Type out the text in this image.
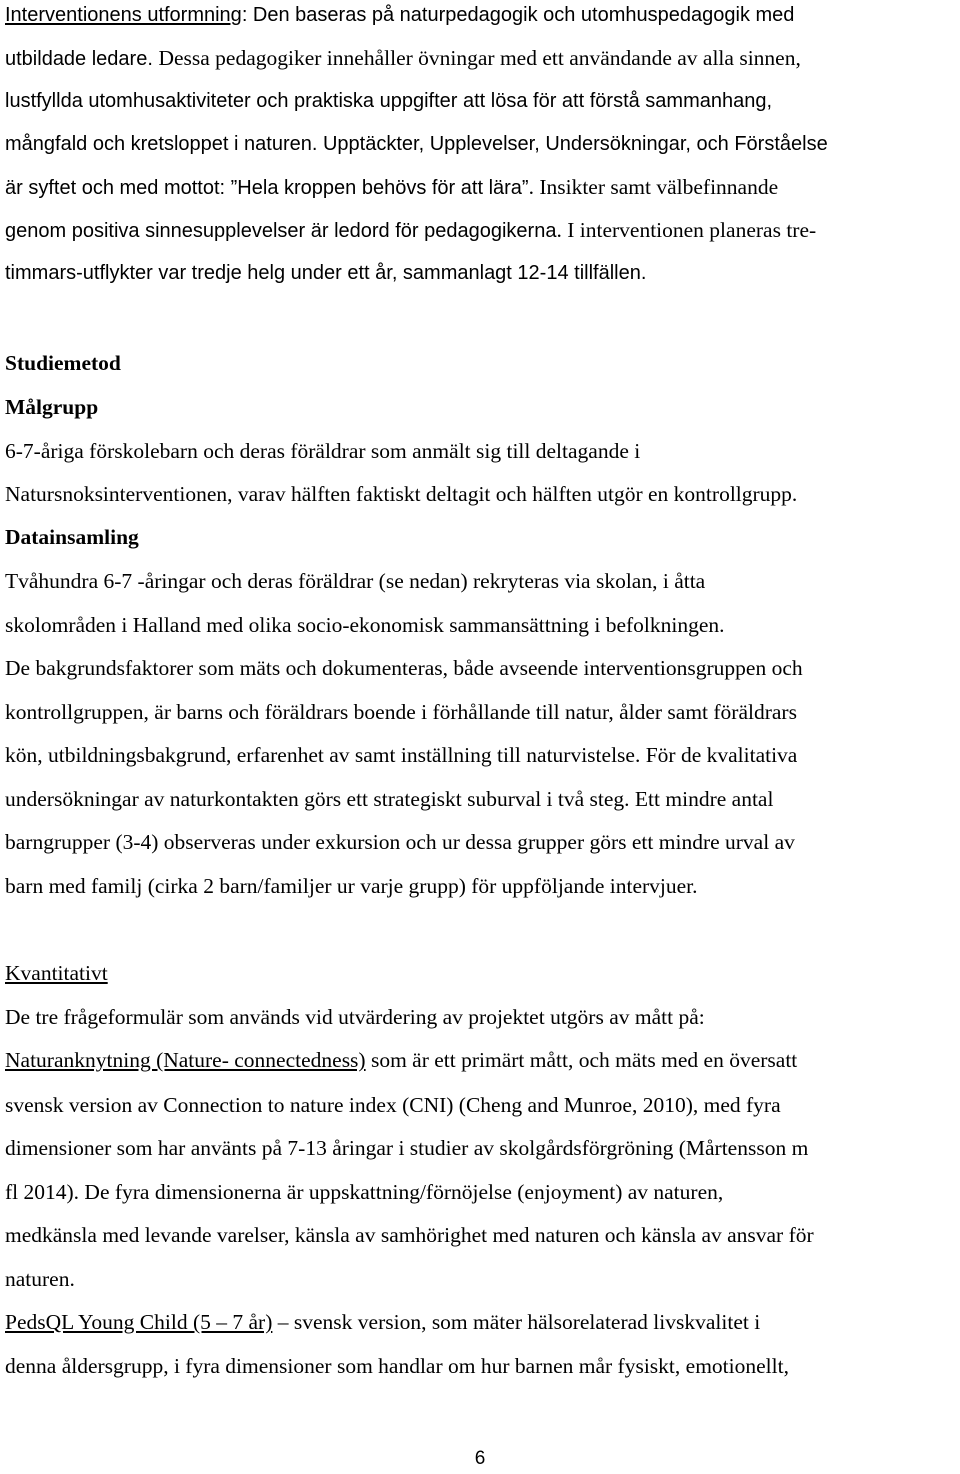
Interventionens utformning: Den baseras på naturpedagogik och utomhuspedagogik med
utbildade ledare. Dessa pedagogiker innehåller övningar med ett användande av alla sinnen,
lustfyllda utomhusaktiviteter och praktiska uppgifter att lösa för att förstå sammanhang,
mångfald och kretsloppet i naturen. Upptäckter, Upplevelser, Undersökningar, och Förståelse
är syftet och med mottot: ”Hela kroppen behövs för att lära”. Insikter samt välbefinnande
genom positiva sinnesupplevelser är ledord för pedagogikerna. I interventionen planeras tre-
timmars-utflykter var tredje helg under ett år, sammanlagt 12-14 tillfällen.
Studiemetod
Målgrupp
6-7-åriga förskolebarn och deras föräldrar som anmält sig till deltagande i
Natursnoksinterventionen, varav hälften faktiskt deltagit och hälften utgör en kontrollgrupp.
Datainsamling
Tvåhundra 6-7 -åringar och deras föräldrar (se nedan) rekryteras via skolan, i åtta
skolområden i Halland med olika socio-ekonomisk sammansättning i befolkningen.
De bakgrundsfaktorer som mäts och dokumenteras, både avseende interventionsgruppen och
kontrollgruppen, är barns och föräldrars boende i förhållande till natur, ålder samt föräldrars
kön, utbildningsbakgrund, erfarenhet av samt inställning till naturvistelse. För de kvalitativa
undersökningar av naturkontakten görs ett strategiskt suburval i två steg. Ett mindre antal
barngrupper (3-4) observeras under exkursion och ur dessa grupper görs ett mindre urval av
barn med familj (cirka 2 barn/familjer ur varje grupp) för uppföljande intervjuer.
Kvantitativt
De tre frågeformulär som används vid utvärdering av projektet utgörs av mått på:
Naturanknytning (Nature- connectedness) som är ett primärt mått, och mäts med en översatt
svensk version av Connection to nature index (CNI) (Cheng and Munroe, 2010), med fyra
dimensioner som har använts på 7-13 åringar i studier av skolgårdsförgröning (Mårtensson m
fl 2014). De fyra dimensionerna är uppskattning/förnöjelse (enjoyment) av naturen,
medkänsla med levande varelser, känsla av samhörighet med naturen och känsla av ansvar för
naturen.
PedsQL Young Child (5 – 7 år) – svensk version, som mäter hälsorelaterad livskvalitet i
denna åldersgrupp, i fyra dimensioner som handlar om hur barnen mår fysiskt, emotionellt,
6
